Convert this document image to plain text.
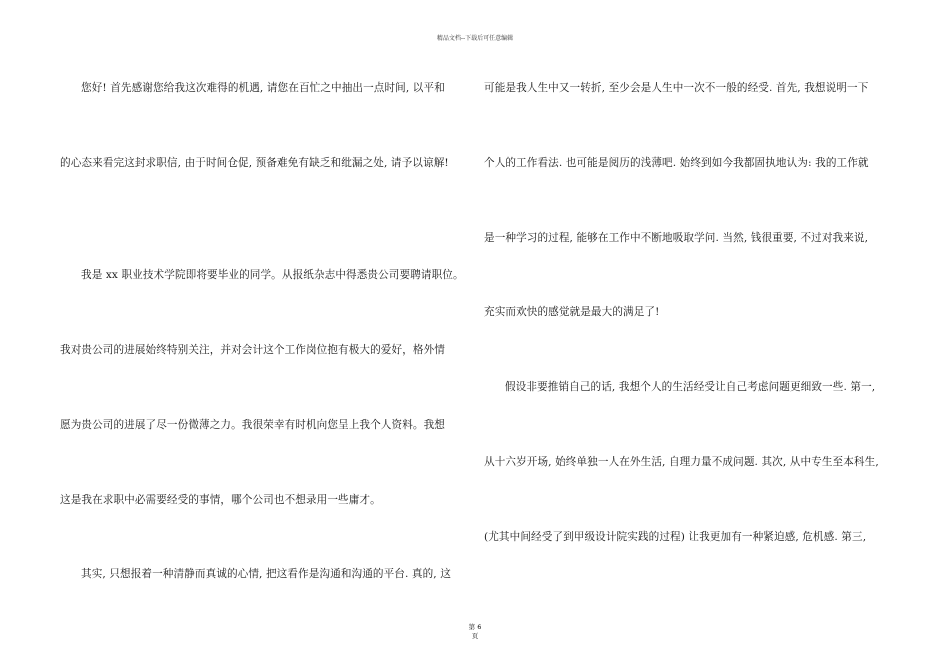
精品文档--下载后可任意编辑
您好! 首先感谢您给我这次难得的机遇, 请您在百忙之中抽出一点时间, 以平和
的心态来看完这封求职信, 由于时间仓促, 预备难免有缺乏和纰漏之处, 请予以谅解!
我是 xx 职业技术学院即将要毕业的同学。从报纸杂志中得悉贵公司要聘请职位。
我对贵公司的进展始终特别关注，并对会计这个工作岗位抱有极大的爱好，格外情
愿为贵公司的进展了尽一份微薄之力。我很荣幸有时机向您呈上我个人资料。我想
这是我在求职中必需要经受的事情，哪个公司也不想录用一些庸才。
其实, 只想报着一种清静而真诚的心情, 把这看作是沟通和沟通的平台. 真的, 这
可能是我人生中又一转折, 至少会是人生中一次不一般的经受. 首先, 我想说明一下
个人的工作看法. 也可能是阅历的浅薄吧. 始终到如今我都固执地认为: 我的工作就
是一种学习的过程, 能够在工作中不断地吸取学问. 当然, 钱很重要, 不过对我来说,
充实而欢快的感觉就是最大的满足了!
假设非要推销自己的话, 我想个人的生活经受让自己考虑问题更细致一些. 第一,
从十六岁开场, 始终单独一人在外生活, 自理力量不成问题. 其次, 从中专生至本科生,
(尤其中间经受了到甲级设计院实践的过程) 让我更加有一种紧迫感, 危机感. 第三,
第 6
页
